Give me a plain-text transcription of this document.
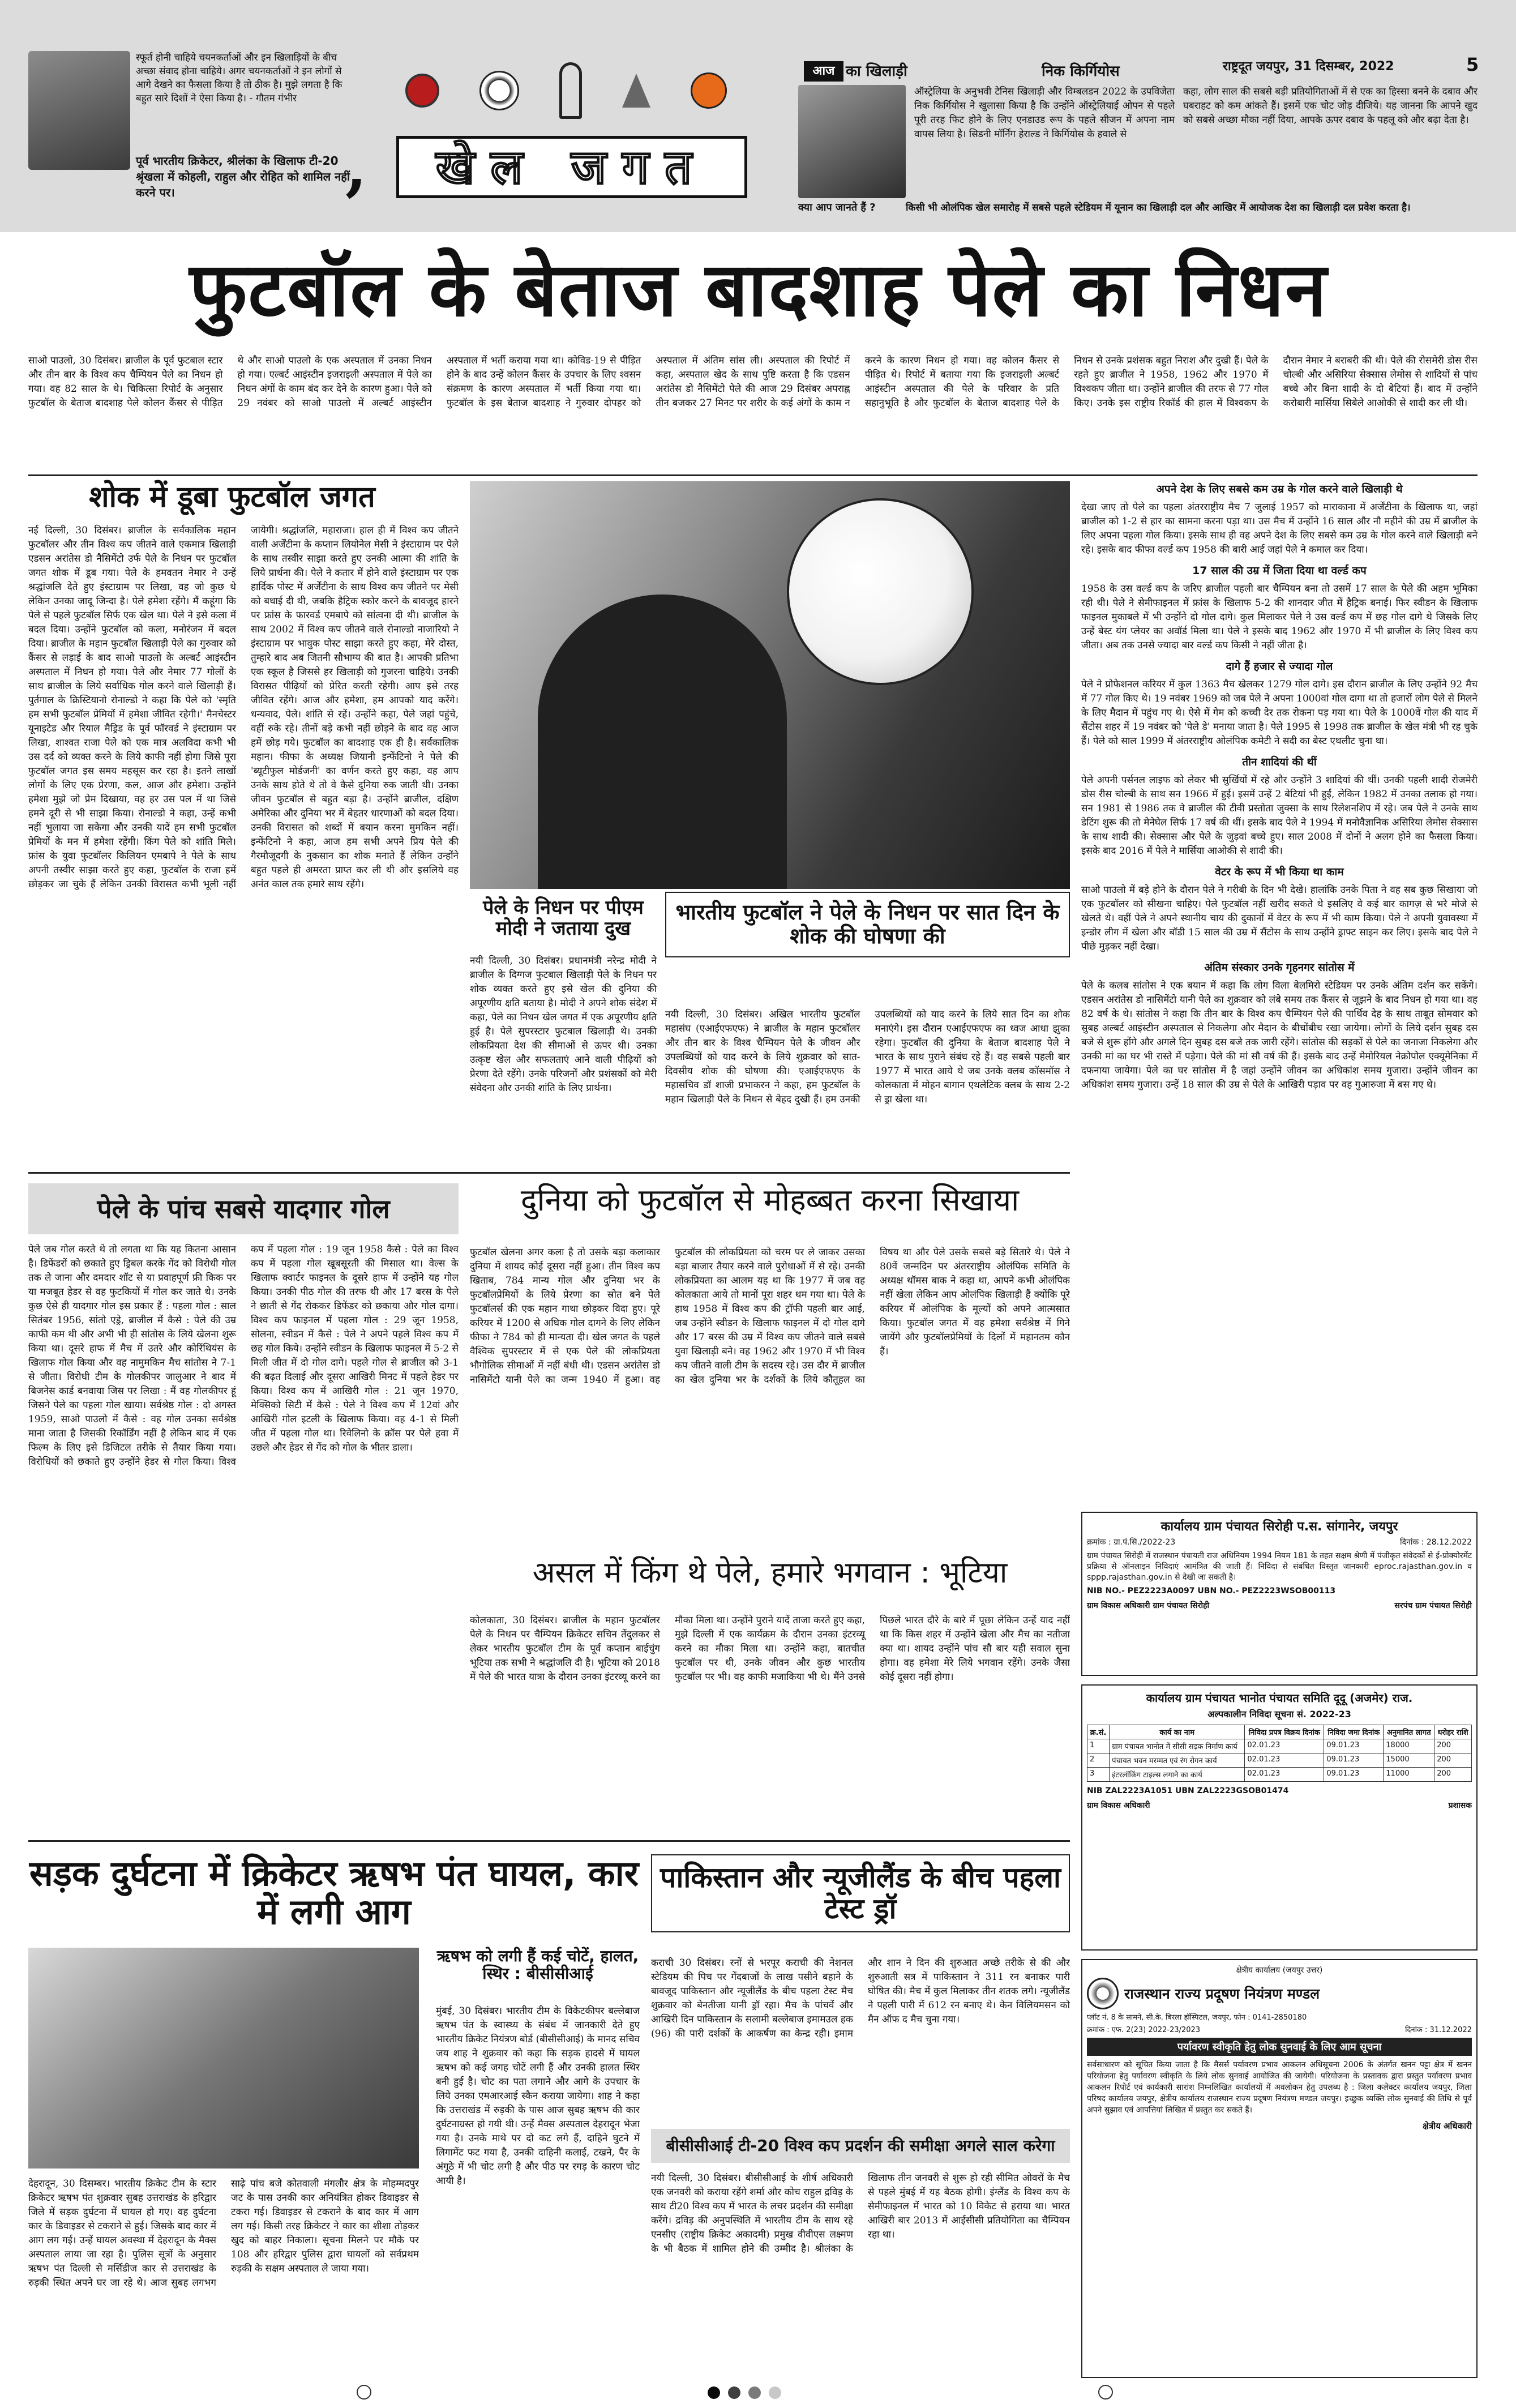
स्फूर्त होनी चाहिये चयनकर्ताओं और इन खिलाड़ियों के बीच अच्छा संवाद होना चाहिये। अगर चयनकर्ताओं ने इन लोगों से आगे देखने का फैसला किया है तो ठीक है। मुझे लगता है कि बहुत सारे दिशों ने ऐसा किया है। - गौतम गंभीर
पूर्व भारतीय क्रिकेटर, श्रीलंका के खिलाफ टी-20 श्रृंखला में कोहली, राहुल और रोहित को शामिल नहीं करने पर।	,	खेल जगत
आज का खिलाड़ी	निक किर्गियोस
ऑस्ट्रेलिया के अनुभवी टेनिस खिलाड़ी और विम्बलडन 2022 के उपविजेता निक किर्गियोस ने खुलासा किया है कि उन्होंने ऑस्ट्रेलियाई ओपन से पहले पूरी तरह फिट होने के लिए एनडाउड रूप के पहले सीजन में अपना नाम वापस लिया है। सिडनी मॉर्निंग हेराल्ड ने किर्गियोस के हवाले से
कहा, लोग साल की सबसे बड़ी प्रतियोगिताओं में से एक का हिस्सा बनने के दबाव और घबराहट को कम आंकते हैं। इसमें एक चोट जोड़ दीजिये। यह जानना कि आपने खुद को सबसे अच्छा मौका नहीं दिया, आपके ऊपर दबाव के पहलू को और बढ़ा देता है।
राष्ट्रदूत जयपुर, 31 दिसम्बर, 2022	5
क्या आप जानते हैं ?	किसी भी ओलंपिक खेल समारोह में सबसे पहले स्टेडियम में यूनान का खिलाड़ी दल और आखिर में आयोजक देश का खिलाड़ी दल प्रवेश करता है।
फुटबॉल के बेताज बादशाह पेले का निधन
साओ पाउलो, 30 दिसंबर। ब्राजील के पूर्व फुटबाल स्टार और तीन बार के विश्व कप चैम्पियन पेले का निधन हो गया। वह 82 साल के थे। चिकित्सा रिपोर्ट के अनुसार फुटबॉल के बेताज बादशाह पेले कोलन कैंसर से पीड़ित थे और साओ पाउलो के एक अस्पताल में उनका निधन हो गया। एल्बर्ट आइंस्टीन इजराइली अस्पताल में पेले का निधन अंगों के काम बंद कर देने के कारण हुआ। पेले को 29 नवंबर को साओ पाउलो में अल्बर्ट आइंस्टीन अस्पताल में भर्ती कराया गया था। कोविड-19 से पीड़ित होने के बाद उन्हें कोलन कैंसर के उपचार के लिए श्वसन संक्रमण के कारण अस्पताल में भर्ती किया गया था। फुटबॉल के इस बेताज बादशाह ने गुरुवार दोपहर को अस्पताल में अंतिम सांस ली। अस्पताल की रिपोर्ट में कहा, अस्पताल खेद के साथ पुष्टि करता है कि एडसन अरांतेस डो नैसिमेंटो पेले की आज 29 दिसंबर अपराह्न तीन बजकर 27 मिनट पर शरीर के कई अंगों के काम न करने के कारण निधन हो गया। वह कोलन कैंसर से पीड़ित थे। रिपोर्ट में बताया गया कि इजराइली अल्बर्ट आइंस्टीन अस्पताल की पेले के परिवार के प्रति सहानुभूति है और फुटबॉल के बेताज बादशाह पेले के निधन से उनके प्रशंसक बहुत निराश और दुखी हैं। पेले के रहते हुए ब्राजील ने 1958, 1962 और 1970 में विश्वकप जीता था। उन्होंने ब्राजील की तरफ से 77 गोल किए। उनके इस राष्ट्रीय रिकॉर्ड की हाल में विश्वकप के दौरान नेमार ने बराबरी की थी। पेले की रोसमेरी डोस रीस चोल्बी और असिरिया सेक्सास लेमोस से शादियों से पांच बच्चे और बिना शादी के दो बेटियां हैं। बाद में उन्होंने करोबारी मार्सिया सिबेले आओकी से शादी कर ली थी।
शोक में डूबा फुटबॉल जगत
नई दिल्ली, 30 दिसंबर। ब्राजील के सर्वकालिक महान फुटबॉलर और तीन विश्व कप जीतने वाले एकमात्र खिलाड़ी एडसन अरांतेस डो नैसिमेंटो उर्फ पेले के निधन पर फुटबॉल जगत शोक में डूब गया। पेले के हमवतन नेमार ने उन्हें श्रद्धांजलि देते हुए इंस्टाग्राम पर लिखा, वह जो कुछ थे लेकिन उनका जादू जिन्दा है। पेले हमेशा रहेंगे। मैं कहूंगा कि पेले से पहले फुटबॉल सिर्फ एक खेल था। पेले ने इसे कला में बदल दिया। उन्होंने फुटबॉल को कला, मनोरंजन में बदल दिया। ब्राजील के महान फुटबॉल खिलाड़ी पेले का गुरुवार को कैंसर से लड़ाई के बाद साओ पाउलो के अल्बर्ट आइंस्टीन अस्पताल में निधन हो गया। पेले और नेमार 77 गोलों के साथ ब्राजील के लिये सर्वाधिक गोल करने वाले खिलाड़ी हैं। पुर्तगाल के क्रिस्टियानो रोनाल्डो ने कहा कि पेले को 'स्मृति हम सभी फुटबॉल प्रेमियों में हमेशा जीवित रहेगी।' मैनचेस्टर यूनाइटेड और रियाल मैड्रिड के पूर्व फॉरवर्ड ने इंस्टाग्राम पर लिखा, शाश्वत राजा पेले को एक मात्र अलविदा कभी भी उस दर्द को व्यक्त करने के लिये काफी नहीं होगा जिसे पूरा फुटबॉल जगत इस समय महसूस कर रहा है। इतने लाखों लोगों के लिए एक प्रेरणा, कल, आज और हमेशा। उन्होंने हमेशा मुझे जो प्रेम दिखाया, वह हर उस पल में था जिसे हमने दूरी से भी साझा किया। रोनाल्डो ने कहा, उन्हें कभी नहीं भुलाया जा सकेगा और उनकी यादें हम सभी फुटबॉल प्रेमियों के मन में हमेशा रहेंगी। किंग पेले को शांति मिले। फ्रांस के युवा फुटबॉलर किलियन एमबापे ने पेले के साथ अपनी तस्वीर साझा करते हुए कहा, फुटबॉल के राजा हमें छोड़कर जा चुके हैं लेकिन उनकी विरासत कभी भूली नहीं जायेगी। श्रद्धांजलि, महाराजा। हाल ही में विश्व कप जीतने वाली अर्जेंटीना के कप्तान लियोनेल मेसी ने इंस्टाग्राम पर पेले के साथ तस्वीर साझा करते हुए उनकी आत्मा की शांति के लिये प्रार्थना की। पेले ने कतार में होने वाले इंस्टाग्राम पर एक हार्दिक पोस्ट में अर्जेंटीना के साथ विश्व कप जीतने पर मेसी को बधाई दी थी, जबकि हैट्रिक स्कोर करने के बावजूद हारने पर फ्रांस के फारवर्ड एमबापे को सांत्वना दी थी। ब्राजील के साथ 2002 में विश्व कप जीतने वाले रोनाल्डो नाजारियो ने इंस्टाग्राम पर भावुक पोस्ट साझा करते हुए कहा, मेरे दोस्त, तुम्हारे बाद अब जितनी सौभाग्य की बात है। आपकी प्रतिभा एक स्कूल है जिससे हर खिलाड़ी को गुजरना चाहिये। उनकी विरासत पीढ़ियों को प्रेरित करती रहेगी। आप इसे तरह जीवित रहेंगे। आज और हमेशा, हम आपको याद करेंगे। धन्यवाद, पेले। शांति से रहें। उन्होंने कहा, पेले जहां पहुंचे, वहीं रुके रहे। तीनों बड़े कभी नहीं छोड़ने के बाद वह आज हमें छोड़ गये। फुटबॉल का बादशाह एक ही है। सर्वकालिक महान। फीफा के अध्यक्ष जियानी इन्फेंटिनो ने पेले की 'ब्यूटीफुल मोर्डजनी' का वर्णन करते हुए कहा, वह आप उनके साथ होते थे तो वे कैसे दुनिया रुक जाती थी। उनका जीवन फुटबॉल से बहुत बड़ा है। उन्होंने ब्राजील, दक्षिण अमेरिका और दुनिया भर में बेहतर धारणाओं को बदल दिया। उनकी विरासत को शब्दों में बयान करना मुमकिन नहीं। इन्फेंटिनो ने कहा, आज हम सभी अपने प्रिय पेले की गैरमौजूदगी के नुकसान का शोक मनाते हैं लेकिन उन्होंने बहुत पहले ही अमरता प्राप्त कर ली थी और इसलिये वह अनंत काल तक हमारे साथ रहेंगे।
पेले के निधन पर पीएम मोदी ने जताया दुख
नयी दिल्ली, 30 दिसंबर। प्रधानमंत्री नरेन्द्र मोदी ने ब्राजील के दिग्गज फुटबाल खिलाड़ी पेले के निधन पर शोक व्यक्त करते हुए इसे खेल की दुनिया की अपूरणीय क्षति बताया है। मोदी ने अपने शोक संदेश में कहा, पेले का निधन खेल जगत में एक अपूरणीय क्षति हुई है। पेले सुपरस्टार फुटबाल खिलाड़ी थे। उनकी लोकप्रियता देश की सीमाओं से ऊपर थी। उनका उत्कृष्ट खेल और सफलताएं आने वाली पीढ़ियों को प्रेरणा देते रहेंगे। उनके परिजनों और प्रशंसकों को मेरी संवेदना और उनकी शांति के लिए प्रार्थना।
भारतीय फुटबॉल ने पेले के निधन पर सात दिन के शोक की घोषणा की
नयी दिल्ली, 30 दिसंबर। अखिल भारतीय फुटबॉल महासंघ (एआईएफएफ) ने ब्राजील के महान फुटबॉलर और तीन बार के विश्व चैम्पियन पेले के जीवन और उपलब्धियों को याद करने के लिये शुक्रवार को सात-दिवसीय शोक की घोषणा की। एआईएफएफ के महासचिव डॉ शाजी प्रभाकरन ने कहा, हम फुटबॉल के महान खिलाड़ी पेले के निधन से बेहद दुखी हैं। हम उनकी उपलब्धियों को याद करने के लिये सात दिन का शोक मनाएंगे। इस दौरान एआईएफएफ का ध्वज आधा झुका रहेगा। फुटबॉल की दुनिया के बेताज बादशाह पेले ने भारत के साथ पुराने संबंध रहे हैं। वह सबसे पहली बार 1977 में भारत आये थे जब उनके क्लब कॉसमॉस ने कोलकाता में मोहन बागान एथलेटिक क्लब के साथ 2-2 से ड्रा खेला था।
अपने देश के लिए सबसे कम उम्र के गोल करने वाले खिलाड़ी थे
देखा जाए तो पेले का पहला अंतरराष्ट्रीय मैच 7 जुलाई 1957 को माराकाना में अर्जेंटीना के खिलाफ था, जहां ब्राजील को 1-2 से हार का सामना करना पड़ा था। उस मैच में उन्होंने 16 साल और नौ महीने की उम्र में ब्राजील के लिए अपना पहला गोल किया। इसके साथ ही वह अपने देश के लिए सबसे कम उम्र के गोल करने वाले खिलाड़ी बने रहे। इसके बाद फीफा वर्ल्ड कप 1958 की बारी आई जहां पेले ने कमाल कर दिया।
17 साल की उम्र में जिता दिया था वर्ल्ड कप
1958 के उस वर्ल्ड कप के जरिए ब्राजील पहली बार चैम्पियन बना तो उसमें 17 साल के पेले की अहम भूमिका रही थी। पेले ने सेमीफाइनल में फ्रांस के खिलाफ 5-2 की शानदार जीत में हैट्रिक बनाई। फिर स्वीडन के खिलाफ फाइनल मुकाबले में भी उन्होंने दो गोल दागे। कुल मिलाकर पेले ने उस वर्ल्ड कप में छह गोल दागे थे जिसके लिए उन्हें बेस्ट यंग प्लेयर का अवॉर्ड मिला था। पेले ने इसके बाद 1962 और 1970 में भी ब्राजील के लिए विश्व कप जीता। अब तक उनसे ज्यादा बार वर्ल्ड कप किसी ने नहीं जीता है।
दागे हैं हजार से ज्यादा गोल
पेले ने प्रोफेशनल करियर में कुल 1363 मैच खेलकर 1279 गोल दागे। इस दौरान ब्राजील के लिए उन्होंने 92 मैच में 77 गोल किए थे। 19 नवंबर 1969 को जब पेले ने अपना 1000वां गोल दागा था तो हजारों लोग पेले से मिलने के लिए मैदान में पहुंच गए थे। ऐसे में गेम को कच्ची देर तक रोकना पड़ गया था। पेले के 1000वें गोल की याद में सैंटोस शहर में 19 नवंबर को 'पेले डे' मनाया जाता है। पेले 1995 से 1998 तक ब्राजील के खेल मंत्री भी रह चुके हैं। पेले को साल 1999 में अंतरराष्ट्रीय ओलंपिक कमेटी ने सदी का बेस्ट एथलीट चुना था।
तीन शादियां की थीं
पेले अपनी पर्सनल लाइफ को लेकर भी सुर्खियों में रहे और उन्होंने 3 शादियां की थीं। उनकी पहली शादी रोजमेरी डोस रीस चोल्बी के साथ सन 1966 में हुई। इसमें उन्हें 2 बेटियां भी हुईं, लेकिन 1982 में उनका तलाक हो गया। सन 1981 से 1986 तक वे ब्राजील की टीवी प्रस्तोता जुक्सा के साथ रिलेशनशिप में रहे। जब पेले ने उनके साथ डेटिंग शुरू की तो मेनेघेल सिर्फ 17 वर्ष की थीं। इसके बाद पेले ने 1994 में मनोवैज्ञानिक असिरिया लेमोस सेक्सास के साथ शादी की। सेक्सास और पेले के जुड़वां बच्चे हुए। साल 2008 में दोनों ने अलग होने का फैसला किया। इसके बाद 2016 में पेले ने मार्सिया आओकी से शादी की।
वेटर के रूप में भी किया था काम
साओ पाउलो में बड़े होने के दौरान पेले ने गरीबी के दिन भी देखे। हालांकि उनके पिता ने वह सब कुछ सिखाया जो एक फुटबॉलर को सीखना चाहिए। पेले फुटबॉल नहीं खरीद सकते थे इसलिए वे कई बार कागज़ से भरे मोजे से खेलते थे। वहीं पेले ने अपने स्थानीय चाय की दुकानों में वेटर के रूप में भी काम किया। पेले ने अपनी युवावस्था में इन्डोर लीग में खेला और बॉडी 15 साल की उम्र में सैंटोस के साथ उन्होंने ड्राफ्ट साइन कर लिए। इसके बाद पेले ने पीछे मुड़कर नहीं देखा।
अंतिम संस्कार उनके गृहनगर सांतोस में
पेले के कलब सांतोस ने एक बयान में कहा कि लोग विला बेलमिरो स्टेडियम पर उनके अंतिम दर्शन कर सकेंगे। एडसन अरांतेस डो नासिमेंटो यानी पेले का शुक्रवार को लंबे समय तक कैंसर से जूझने के बाद निधन हो गया था। वह 82 वर्ष के थे। सांतोस ने कहा कि तीन बार के विश्व कप चैम्पियन पेले की पार्थिव देह के साथ ताबूत सोमवार को सुबह अल्बर्ट आइंस्टीन अस्पताल से निकलेगा और मैदान के बीचोंबीच रखा जायेगा। लोगों के लिये दर्शन सुबह दस बजे से शुरू होंगे और अगले दिन सुबह दस बजे तक जारी रहेंगे। सांतोस की सड़कों से पेले का जनाजा निकलेगा और उनकी मां का घर भी रास्ते में पड़ेगा। पेले की मां सौ वर्ष की हैं। इसके बाद उन्हें मेमोरियल नेक्रोपोल एक्यूमेनिका में दफनाया जायेगा। पेले का घर सांतोस में है जहां उन्होंने जीवन का अधिकांश समय गुजारा। उन्होंने जीवन का अधिकांश समय गुजारा। उन्हें 18 साल की उम्र से पेले के आखिरी पड़ाव पर वह गुआरुजा में बस गए थे।
पेले के पांच सबसे यादगार गोल
पेले जब गोल करते थे तो लगता था कि यह कितना आसान है। डिफेंडरों को छकाते हुए ड्रिबल करके गेंद को विरोधी गोल तक ले जाना और दमदार शॉट से या प्रवाहपूर्ण फ्री किक पर या मजबूत हेडर से वह फुटकियों में गोल कर जाते थे। उनके कुछ ऐसे ही यादगार गोल इस प्रकार हैं : पहला गोल : साल सितंबर 1956, सांतो एड्रे, ब्राजील में कैसे : पेले की उम्र काफी कम थी और अभी भी ही सांतोस के लिये खेलना शुरू किया था। दूसरे हाफ में मैच में उतरे और कोरिंथियंस के खिलाफ गोल किया और वह नामुमकिन मैच सांतोस ने 7-1 से जीता। विरोधी टीम के गोलकीपर जालुआर ने बाद में बिजनेस कार्ड बनवाया जिस पर लिखा : मैं वह गोलकीपर हूं जिसने पेले का पहला गोल खाया। सर्वश्रेष्ठ गोल : दो अगस्त 1959, साओ पाउलो में कैसे : वह गोल उनका सर्वश्रेष्ठ माना जाता है जिसकी रिकॉर्डिंग नहीं है लेकिन बाद में एक फिल्म के लिए इसे डिजिटल तरीके से तैयार किया गया। विरोधियों को छकाते हुए उन्होंने हेडर से गोल किया। विश्व कप में पहला गोल : 19 जून 1958 कैसे : पेले का विश्व कप में पहला गोल खूबसूरती की मिसाल था। वेल्स के खिलाफ क्वार्टर फाइनल के दूसरे हाफ में उन्होंने यह गोल किया। उनकी पीठ गोल की तरफ थी और 17 बरस के पेले ने छाती से गेंद रोककर डिफेंडर को छकाया और गोल दागा। विश्व कप फाइनल में पहला गोल : 29 जून 1958, सोलना, स्वीडन में कैसे : पेले ने अपने पहले विश्व कप में छह गोल किये। उन्होंने स्वीडन के खिलाफ फाइनल में 5-2 से मिली जीत में दो गोल दागे। पहले गोल से ब्राजील को 3-1 की बढ़त दिलाई और दूसरा आखिरी मिनट में पहले हेडर पर किया। विश्व कप में आखिरी गोल : 21 जून 1970, मेक्सिको सिटी में कैसे : पेले ने विश्व कप में 12वां और आखिरी गोल इटली के खिलाफ किया। वह 4-1 से मिली जीत में पहला गोल था। रिवेलिनो के क्रॉस पर पेले हवा में उछले और हेडर से गेंद को गोल के भीतर डाला।
दुनिया को फुटबॉल से मोहब्बत करना सिखाया
फुटबॉल खेलना अगर कला है तो उसके बड़ा कलाकार दुनिया में शायद कोई दूसरा नहीं हुआ। तीन विश्व कप खिताब, 784 मान्य गोल और दुनिया भर के फुटबॉलप्रेमियों के लिये प्रेरणा का स्रोत बने पेले फुटबॉलर्स की एक महान गाथा छोड़कर विदा हुए। पूरे करियर में 1200 से अधिक गोल दागने के लिए लेकिन फीफा ने 784 को ही मान्यता दी। खेल जगत के पहले वैश्विक सुपरस्टार में से एक पेले की लोकप्रियता भौगोलिक सीमाओं में नहीं बंधी थी। एडसन अरांतेस डो नासिमेंटो यानी पेले का जन्म 1940 में हुआ। वह फुटबॉल की लोकप्रियता को चरम पर ले जाकर उसका बड़ा बाजार तैयार करने वाले पुरोधाओं में से रहे। उनकी लोकप्रियता का आलम यह था कि 1977 में जब वह कोलकाता आये तो मानों पूरा शहर थम गया था। पेले के हाथ 1958 में विश्व कप की ट्रॉफी पहली बार आई, जब उन्होंने स्वीडन के खिलाफ फाइनल में दो गोल दागे और 17 बरस की उम्र में विश्व कप जीतने वाले सबसे युवा खिलाड़ी बने। वह 1962 और 1970 में भी विश्व कप जीतने वाली टीम के सदस्य रहे। उस दौर में ब्राजील का खेल दुनिया भर के दर्शकों के लिये कौतूहल का विषय था और पेले उसके सबसे बड़े सितारे थे। पेले ने 80वें जन्मदिन पर अंतरराष्ट्रीय ओलंपिक समिति के अध्यक्ष थॉमस बाक ने कहा था, आपने कभी ओलंपिक नहीं खेला लेकिन आप ओलंपिक खिलाड़ी हैं क्योंकि पूरे करियर में ओलंपिक के मूल्यों को अपने आत्मसात किया। फुटबॉल जगत में वह हमेशा सर्वश्रेष्ठ में गिने जायेंगे और फुटबॉलप्रेमियों के दिलों में महानतम कौन हैं।
असल में किंग थे पेले, हमारे भगवान : भूटिया
कोलकाता, 30 दिसंबर। ब्राजील के महान फुटबॉलर पेले के निधन पर चैम्पियन क्रिकेटर सचिन तेंदुलकर से लेकर भारतीय फुटबॉल टीम के पूर्व कप्तान बाईचुंग भूटिया तक सभी ने श्रद्धांजलि दी है। भूटिया को 2018 में पेले की भारत यात्रा के दौरान उनका इंटरव्यू करने का मौका मिला था। उन्होंने पुराने यादें ताजा करते हुए कहा, मुझे दिल्ली में एक कार्यक्रम के दौरान उनका इंटरव्यू करने का मौका मिला था। उन्होंने कहा, बातचीत फुटबॉल पर थी, उनके जीवन और कुछ भारतीय फुटबॉल पर भी। वह काफी मजाकिया भी थे। मैंने उनसे पिछले भारत दौरे के बारे में पूछा लेकिन उन्हें याद नहीं था कि किस शहर में उन्होंने खेला और मैच का नतीजा क्या था। शायद उन्होंने पांच सौ बार यही सवाल सुना होगा। वह हमेशा मेरे लिये भगवान रहेंगे। उनके जैसा कोई दूसरा नहीं होगा।
सड़क दुर्घटना में क्रिकेटर ऋषभ पंत घायल, कार में लगी आग
ऋषभ को लगी हैं कई चोटें, हालत, स्थिर : बीसीसीआई
मुंबई, 30 दिसंबर। भारतीय टीम के विकेटकीपर बल्लेबाज ऋषभ पंत के स्वास्थ्य के संबंध में जानकारी देते हुए भारतीय क्रिकेट नियंत्रण बोर्ड (बीसीसीआई) के मानद सचिव जय शाह ने शुक्रवार को कहा कि सड़क हादसे में घायल ऋषभ को कई जगह चोटें लगी हैं और उनकी हालत स्थिर बनी हुई है। चोट का पता लगाने और आगे के उपचार के लिये उनका एमआरआई स्कैन कराया जायेगा। शाह ने कहा कि उत्तराखंड में रुड़की के पास आज सुबह ऋषभ की कार दुर्घटनाग्रस्त हो गयी थी। उन्हें मैक्स अस्पताल देहरादून भेजा गया है। उनके माथे पर दो कट लगे हैं, दाहिने घुटने में लिगामेंट फट गया है, उनकी दाहिनी कलाई, टखने, पैर के अंगूठे में भी चोट लगी है और पीठ पर रगड़ के कारण चोट आयी है।
देहरादून, 30 दिसम्बर। भारतीय क्रिकेट टीम के स्टार क्रिकेटर ऋषभ पंत शुक्रवार सुबह उत्तराखंड के हरिद्वार जिले में सड़क दुर्घटना में घायल हो गए। वह दुर्घटना कार के डिवाइडर से टकराने से हुई। जिसके बाद कार में आग लग गई। उन्हें घायल अवस्था में देहरादून के मैक्स अस्पताल लाया जा रहा है। पुलिस सूत्रों के अनुसार ऋषभ पंत दिल्ली से मर्सिडीज कार से उत्तराखंड के रुड़की स्थित अपने घर जा रहे थे। आज सुबह लगभग साढ़े पांच बजे कोतवाली मंगलौर क्षेत्र के मोहम्मदपुर जट के पास उनकी कार अनियंत्रित होकर डिवाइडर से टकरा गई। डिवाइडर से टकराने के बाद कार में आग लग गई। किसी तरह क्रिकेटर ने कार का शीशा तोड़कर खुद को बाहर निकाला। सूचना मिलने पर मौके पर 108 और हरिद्वार पुलिस द्वारा घायलों को सर्वप्रथम रुड़की के सक्षम अस्पताल ले जाया गया।
पाकिस्तान और न्यूजीलैंड के बीच पहला टेस्ट ड्रॉ
कराची 30 दिसंबर। रनों से भरपूर कराची की नेशनल स्टेडियम की पिच पर गेंदबाजों के लाख पसीने बहाने के बावजूद पाकिस्तान और न्यूजीलैंड के बीच पहला टेस्ट मैच शुक्रवार को बेनतीजा यानी ड्रॉ रहा। मैच के पांचवें और आखिरी दिन पाकिस्तान के सलामी बल्लेबाज इमामउल हक (96) की पारी दर्शकों के आकर्षण का केन्द्र रही। इमाम और शान ने दिन की शुरुआत अच्छे तरीके से की और शुरुआती सत्र में पाकिस्तान ने 311 रन बनाकर पारी घोषित की। मैच में कुल मिलाकर तीन शतक लगे। न्यूजीलैंड ने पहली पारी में 612 रन बनाए थे। केन विलियमसन को मैन ऑफ द मैच चुना गया।
बीसीसीआई टी-20 विश्व कप प्रदर्शन की समीक्षा अगले साल करेगा
नयी दिल्ली, 30 दिसंबर। बीसीसीआई के शीर्ष अधिकारी एक जनवरी को कराया रहेंगे शर्मा और कोच राहुल द्रविड़ के साथ टी20 विश्व कप में भारत के लचर प्रदर्शन की समीक्षा करेंगे। द्रविड़ की अनुपस्थिति में भारतीय टीम के साथ रहे एनसीए (राष्ट्रीय क्रिकेट अकादमी) प्रमुख वीवीएस लक्ष्मण के भी बैठक में शामिल होने की उम्मीद है। श्रीलंका के खिलाफ तीन जनवरी से शुरू हो रही सीमित ओवरों के मैच से पहले मुंबई में यह बैठक होगी। इंग्लैंड के विश्व कप के सेमीफाइनल में भारत को 10 विकेट से हराया था। भारत आखिरी बार 2013 में आईसीसी प्रतियोगिता का चैम्पियन रहा था।
कार्यालय ग्राम पंचायत सिरोही प.स. सांगानेर, जयपुर
क्रमांक : ग्रा.पं.सि./2022-23	दिनांक : 28.12.2022
ग्राम पंचायत सिरोही में राजस्थान पंचायती राज अधिनियम 1994 नियम 181 के तहत सक्षम श्रेणी में पंजीकृत संवेदकों से ई-प्रोक्योरमेंट प्रक्रिया से ऑनलाइन निविदाएं आमंत्रित की जाती हैं। निविदा से संबंधित विस्तृत जानकारी eproc.rajasthan.gov.in व sppp.rajasthan.gov.in से देखी जा सकती है।
NIB NO.- PEZ2223A0097 UBN NO.- PEZ2223WSOB00113
ग्राम विकास अधिकारी ग्राम पंचायत सिरोही	सरपंच ग्राम पंचायत सिरोही
कार्यालय ग्राम पंचायत भानोत पंचायत समिति दूदू (अजमेर) राज.
अल्पकालीन निविदा सूचना सं. 2022-23
क्र.सं.	कार्य का नाम	निविदा प्रपत्र विक्रय दिनांक	निविदा जमा दिनांक	अनुमानित लागत	धरोहर राशि
1	ग्राम पंचायत भानोत में सीसी सड़क निर्माण कार्य	02.01.23	09.01.23	18000	200
2	पंचायत भवन मरम्मत एवं रंग रोगन कार्य	02.01.23	09.01.23	15000	200
3	इंटरलॉकिंग टाइल्स लगाने का कार्य	02.01.23	09.01.23	11000	200
NIB ZAL2223A1051 UBN ZAL2223GSOB01474
ग्राम विकास अधिकारी	प्रशासक
क्षेत्रीय कार्यालय (जयपुर उत्तर)
राजस्थान राज्य प्रदूषण नियंत्रण मण्डल
प्लॉट नं. 8 के सामने, सी.के. बिरला हॉस्पिटल, जयपुर, फोन : 0141-2850180
क्रमांक : एफ. 2(23) 2022-23/2023	दिनांक : 31.12.2022
पर्यावरण स्वीकृति हेतु लोक सुनवाई के लिए आम सूचना
सर्वसाधारण को सूचित किया जाता है कि मैसर्स पर्यावरण प्रभाव आकलन अधिसूचना 2006 के अंतर्गत खनन पट्टा क्षेत्र में खनन परियोजना हेतु पर्यावरण स्वीकृति के लिये लोक सुनवाई आयोजित की जायेगी। परियोजना के प्रस्तावक द्वारा प्रस्तुत पर्यावरण प्रभाव आकलन रिपोर्ट एवं कार्यकारी सारांश निम्नलिखित कार्यालयों में अवलोकन हेतु उपलब्ध है : जिला कलेक्टर कार्यालय जयपुर, जिला परिषद कार्यालय जयपुर, क्षेत्रीय कार्यालय राजस्थान राज्य प्रदूषण नियंत्रण मण्डल जयपुर। इच्छुक व्यक्ति लोक सुनवाई की तिथि से पूर्व अपने सुझाव एवं आपत्तियां लिखित में प्रस्तुत कर सकते हैं।
क्षेत्रीय अधिकारी
